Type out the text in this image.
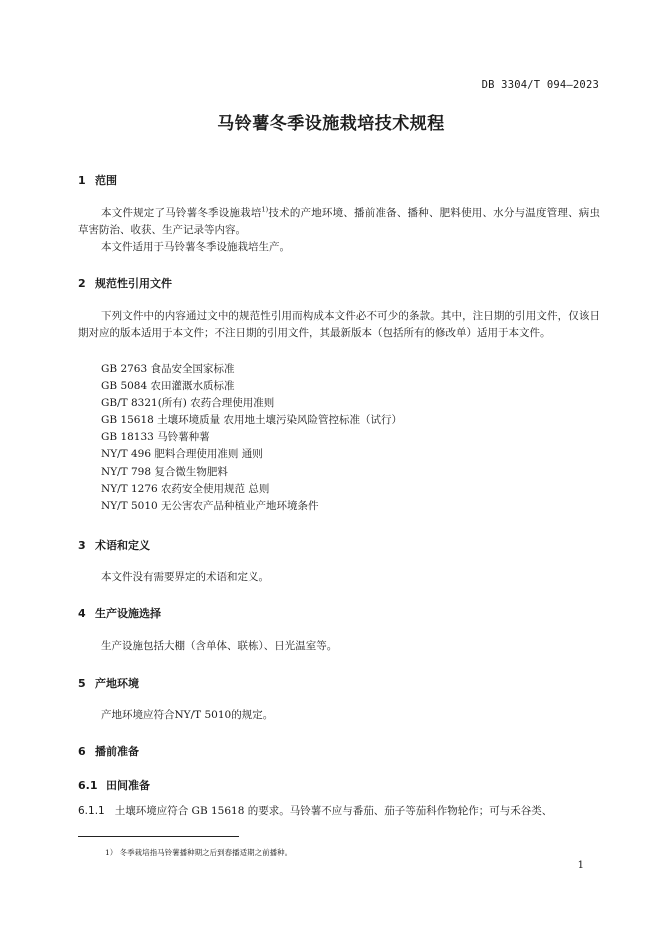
DB 3304/T 094—2023
马铃薯冬季设施栽培技术规程
1 范围
本文件规定了马铃薯冬季设施栽培$^{1)}$技术的产地环境、播前准备、播种、肥料使用、水分与温度管理、病虫草害防治、收获、生产记录等内容。
本文件适用于马铃薯冬季设施栽培生产。
2 规范性引用文件
下列文件中的内容通过文中的规范性引用而构成本文件必不可少的条款。其中，注日期的引用文件，仅该日期对应的版本适用于本文件；不注日期的引用文件，其最新版本（包括所有的修改单）适用于本文件。
GB 2763 食品安全国家标准
GB 5084 农田灌溉水质标准
GB/T 8321(所有) 农药合理使用准则
GB 15618 土壤环境质量 农用地土壤污染风险管控标准（试行）
GB 18133 马铃薯种薯
NY/T 496 肥料合理使用准则 通则
NY/T 798 复合微生物肥料
NY/T 1276 农药安全使用规范 总则
NY/T 5010 无公害农产品种植业产地环境条件
3 术语和定义
本文件没有需要界定的术语和定义。
4 生产设施选择
生产设施包括大棚（含单体、联栋）、日光温室等。
5 产地环境
产地环境应符合NY/T 5010的规定。
6 播前准备
6.1 田间准备
6.1.1 土壤环境应符合 GB 15618 的要求。马铃薯不应与番茄、茄子等茄科作物轮作；可与禾谷类、
1） 冬季栽培指马铃薯播种期之后到春播适期之前播种。
1
